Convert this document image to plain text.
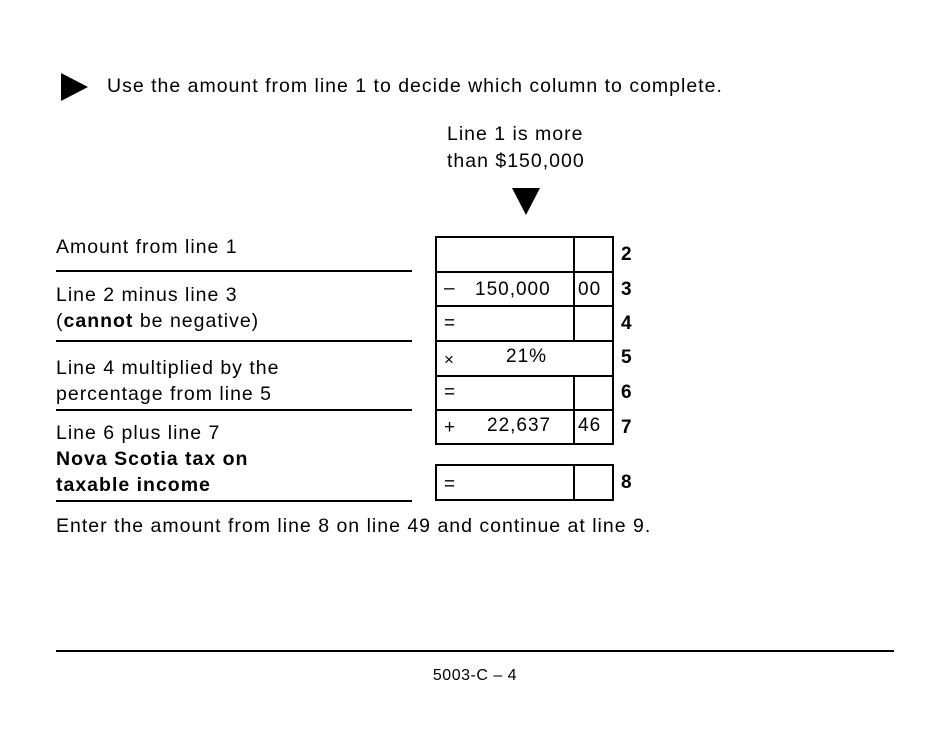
Use the amount from line 1 to decide which column to complete.
Line 1 is more
than $150,000
Amount from line 1
Line 2 minus line 3
(cannot be negative)
Line 4 multiplied by the
percentage from line 5
Line 6 plus line 7
Nova Scotia tax on
taxable income
– 150,000 00
=
×	21%
=
+ 22,637 46
=
2
3
4
5
6
7
8
Enter the amount from line 8 on line 49 and continue at line 9.
5003-C – 4
